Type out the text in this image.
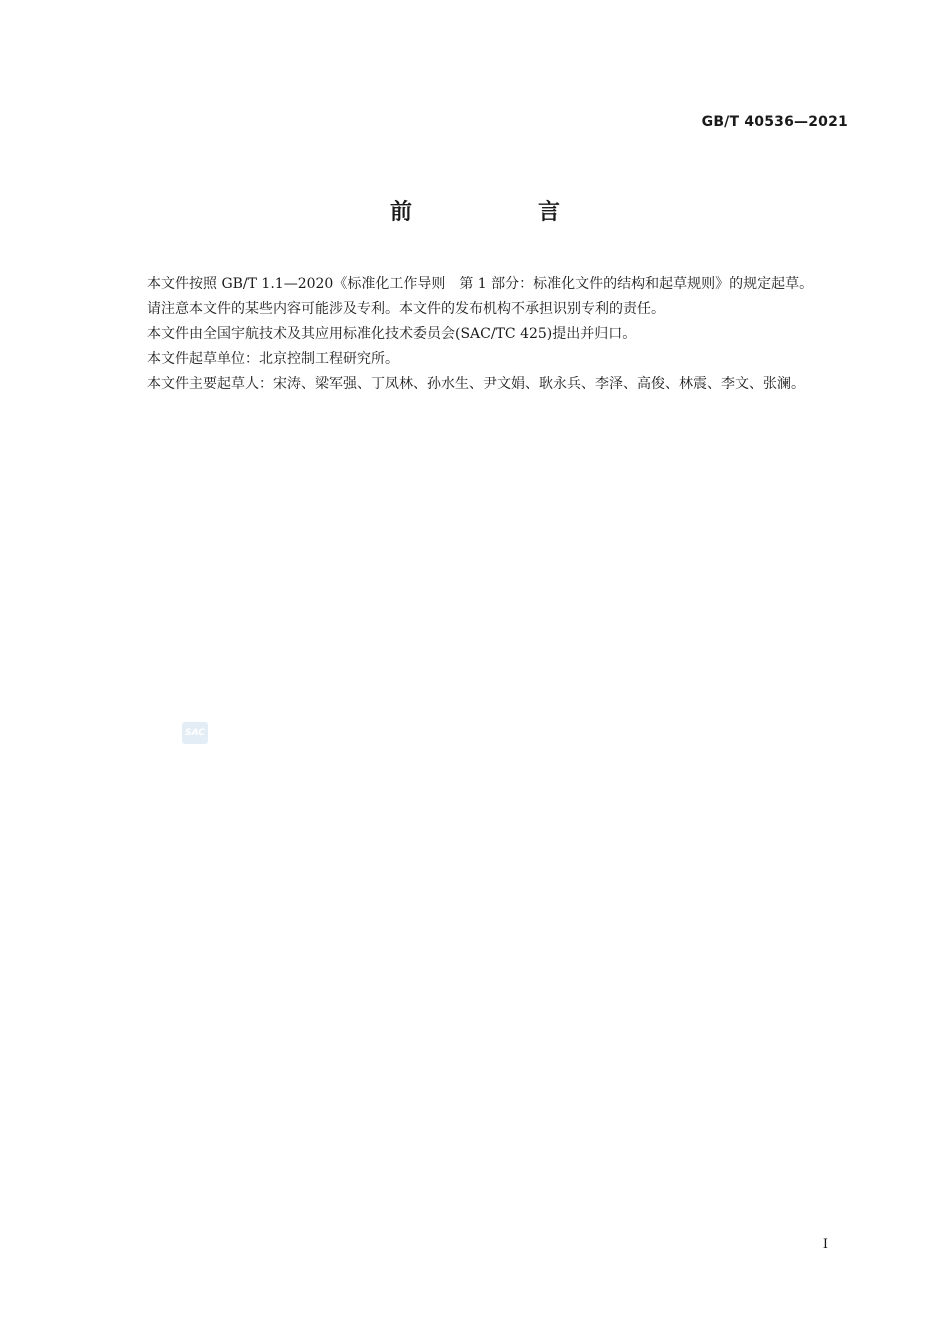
GB/T 40536—2021
前　言

本文件按照 GB/T 1.1—2020《标准化工作导则　第 1 部分：标准化文件的结构和起草规则》的规定起草。

请注意本文件的某些内容可能涉及专利。本文件的发布机构不承担识别专利的责任。

本文件由全国宇航技术及其应用标准化技术委员会(SAC/TC 425)提出并归口。

本文件起草单位：北京控制工程研究所。

本文件主要起草人：宋涛、梁军强、丁凤林、孙水生、尹文娟、耿永兵、李泽、高俊、林震、李文、张澜。

SAC
I
